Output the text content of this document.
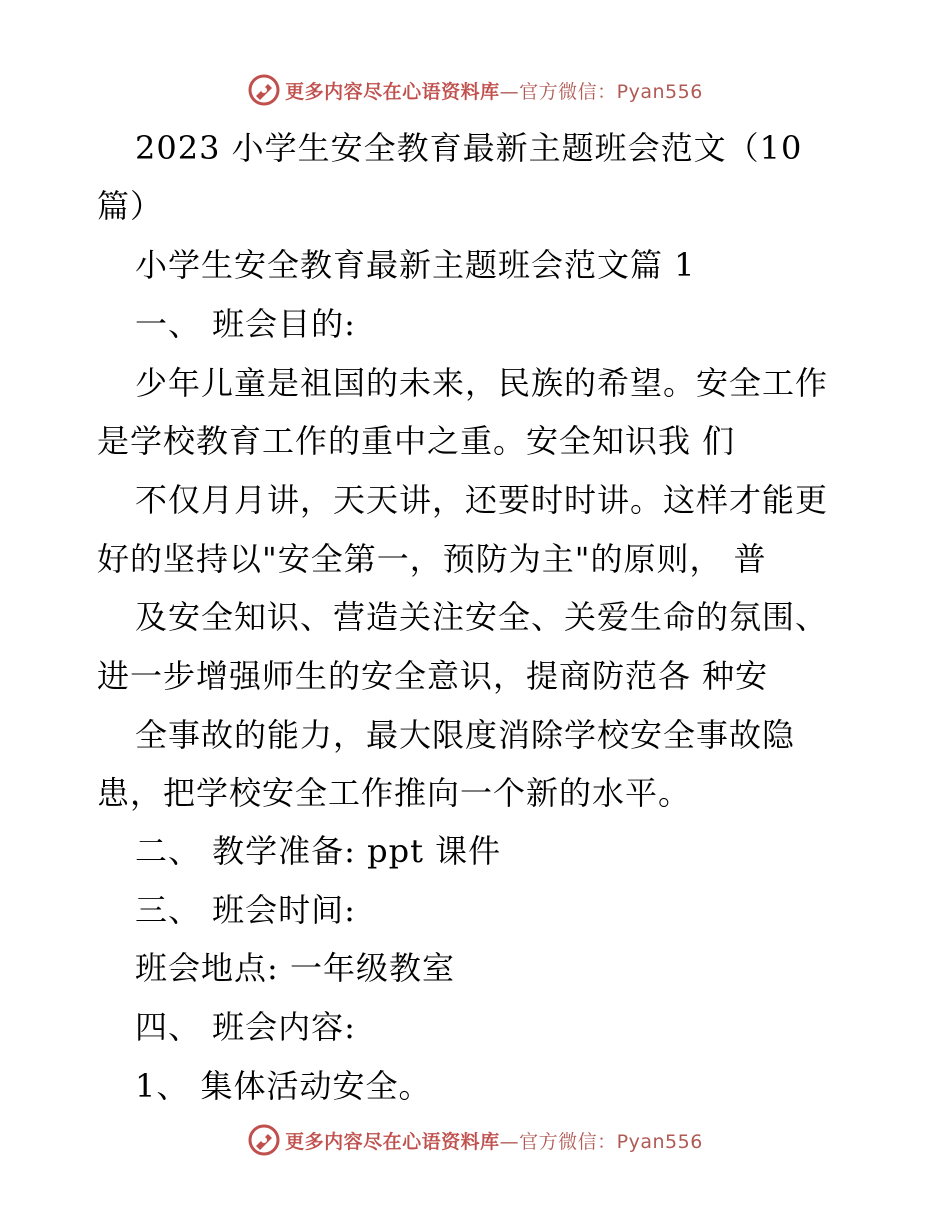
更多内容尽在心语资料库 —官方微信：Pyan556
2023 小学生安全教育最新主题班会范文（10
篇）
小学生安全教育最新主题班会范文篇 1
一、 班会目的:
少年儿童是祖国的未来，民族的希望。安全工作
是学校教育工作的重中之重。安全知识我 们
不仅月月讲，天天讲，还要时时讲。这样才能更
好的坚持以"安全第一，预防为主"的原则， 普
及安全知识、营造关注安全、关爱生命的氛围、
进一步增强师生的安全意识，提商防范各 种安
全事故的能力，最大限度消除学校安全事故隐
患，把学校安全工作推向一个新的水平。
二、 教学准备: ppt 课件
三、 班会时间:
班会地点: 一年级教室
四、 班会内容:
1、 集体活动安全。
更多内容尽在心语资料库 —官方微信：Pyan556
